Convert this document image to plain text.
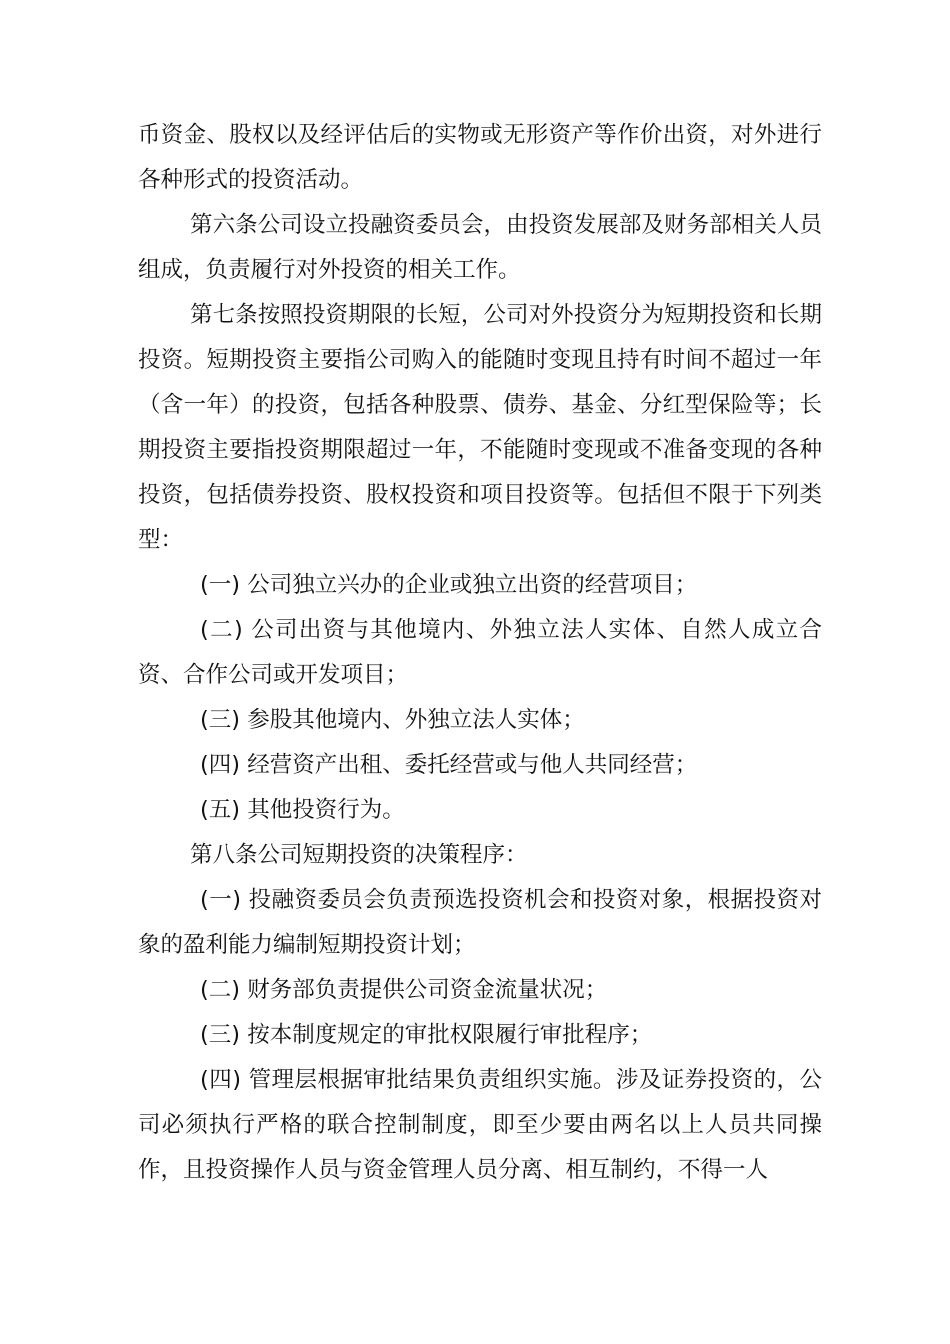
币资金、股权以及经评估后的实物或无形资产等作价出资，对外进行各种形式的投资活动。

第六条公司设立投融资委员会，由投资发展部及财务部相关人员组成，负责履行对外投资的相关工作。

第七条按照投资期限的长短，公司对外投资分为短期投资和长期投资。短期投资主要指公司购入的能随时变现且持有时间不超过一年（含一年）的投资，包括各种股票、债券、基金、分红型保险等；长期投资主要指投资期限超过一年，不能随时变现或不准备变现的各种投资，包括债券投资、股权投资和项目投资等。包括但不限于下列类型：

(一) 公司独立兴办的企业或独立出资的经营项目；

(二) 公司出资与其他境内、外独立法人实体、自然人成立合资、合作公司或开发项目；

(三) 参股其他境内、外独立法人实体；

(四) 经营资产出租、委托经营或与他人共同经营；

(五) 其他投资行为。

第八条公司短期投资的决策程序：

(一) 投融资委员会负责预选投资机会和投资对象，根据投资对象的盈利能力编制短期投资计划；

(二) 财务部负责提供公司资金流量状况；

(三) 按本制度规定的审批权限履行审批程序；

(四) 管理层根据审批结果负责组织实施。涉及证券投资的，公司必须执行严格的联合控制制度，即至少要由两名以上人员共同操作，且投资操作人员与资金管理人员分离、相互制约，不得一人
